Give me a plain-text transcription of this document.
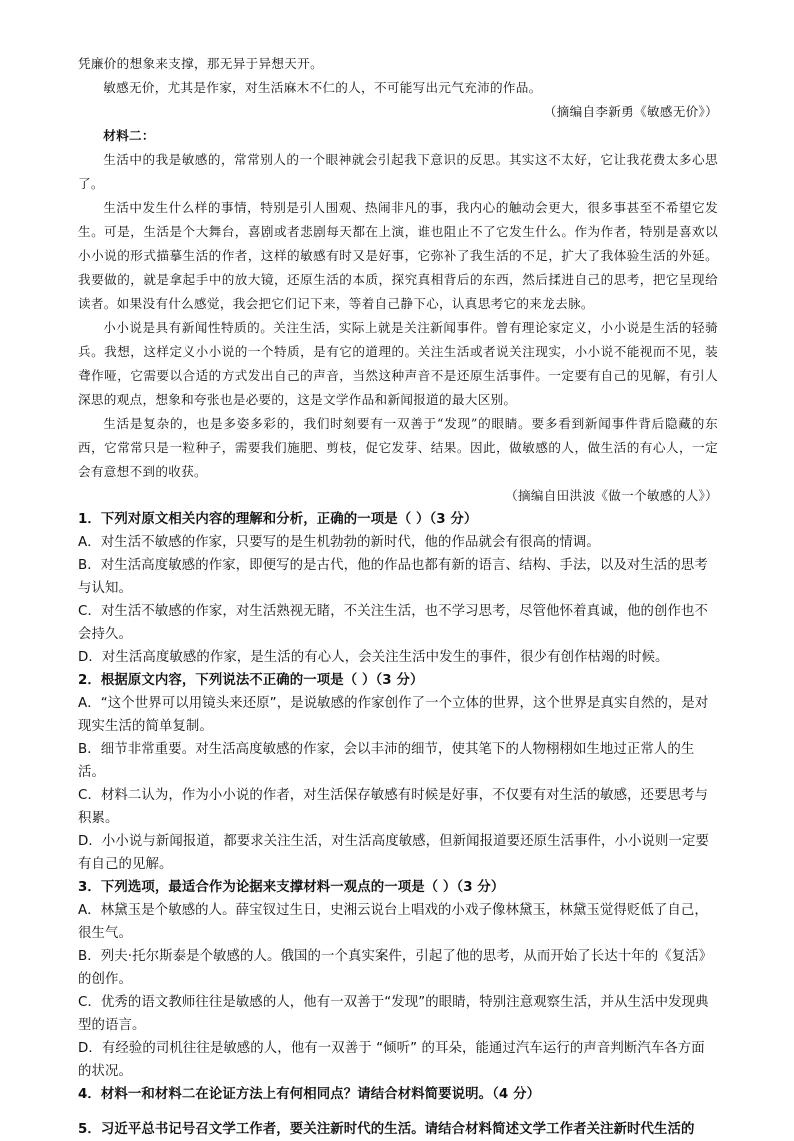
凭廉价的想象来支撑，那无异于异想天开。

敏感无价，尤其是作家，对生活麻木不仁的人，不可能写出元气充沛的作品。

（摘编自李新勇《敏感无价》）

材料二：

生活中的我是敏感的，常常别人的一个眼神就会引起我下意识的反思。其实这不太好，它让我花费太多心思了。

生活中发生什么样的事情，特别是引人围观、热闹非凡的事，我内心的触动会更大，很多事甚至不希望它发生。可是，生活是个大舞台，喜剧或者悲剧每天都在上演，谁也阻止不了它发生什么。作为作者，特别是喜欢以小小说的形式描摹生活的作者，这样的敏感有时又是好事，它弥补了我生活的不足，扩大了我体验生活的外延。我要做的，就是拿起手中的放大镜，还原生活的本质，探究真相背后的东西，然后揉进自己的思考，把它呈现给读者。如果没有什么感觉，我会把它们记下来，等着自己静下心，认真思考它的来龙去脉。

小小说是具有新闻性特质的。关注生活，实际上就是关注新闻事件。曾有理论家定义，小小说是生活的轻骑兵。我想，这样定义小小说的一个特质，是有它的道理的。关注生活或者说关注现实，小小说不能视而不见，装聋作哑，它需要以合适的方式发出自己的声音，当然这种声音不是还原生活事件。一定要有自己的见解，有引人深思的观点，想象和夸张也是必要的，这是文学作品和新闻报道的最大区别。

生活是复杂的，也是多姿多彩的，我们时刻要有一双善于“发现”的眼睛。要多看到新闻事件背后隐藏的东西，它常常只是一粒种子，需要我们施肥、剪枝，促它发芽、结果。因此，做敏感的人，做生活的有心人，一定会有意想不到的收获。

（摘编自田洪波《做一个敏感的人》）

1．下列对原文相关内容的理解和分析，正确的一项是（ ）（3 分）

A．对生活不敏感的作家，只要写的是生机勃勃的新时代，他的作品就会有很高的情调。

B．对生活高度敏感的作家，即便写的是古代，他的作品也都有新的语言、结构、手法，以及对生活的思考与认知。

C．对生活不敏感的作家，对生活熟视无睹，不关注生活，也不学习思考，尽管他怀着真诚，他的创作也不会持久。

D．对生活高度敏感的作家，是生活的有心人，会关注生活中发生的事件，很少有创作枯竭的时候。

2．根据原文内容，下列说法不正确的一项是（ ）（3 分）

A．“这个世界可以用镜头来还原”，是说敏感的作家创作了一个立体的世界，这个世界是真实自然的，是对现实生活的简单复制。

B．细节非常重要。对生活高度敏感的作家，会以丰沛的细节，使其笔下的人物栩栩如生地过正常人的生活。

C．材料二认为，作为小小说的作者，对生活保存敏感有时候是好事，不仅要有对生活的敏感，还要思考与积累。

D．小小说与新闻报道，都要求关注生活，对生活高度敏感，但新闻报道要还原生活事件，小小说则一定要有自己的见解。

3．下列选项，最适合作为论据来支撑材料一观点的一项是（ ）（3 分）

A．林黛玉是个敏感的人。薛宝钗过生日，史湘云说台上唱戏的小戏子像林黛玉，林黛玉觉得贬低了自己，很生气。

B．列夫·托尔斯泰是个敏感的人。俄国的一个真实案件，引起了他的思考，从而开始了长达十年的《复活》的创作。

C．优秀的语文教师往往是敏感的人，他有一双善于“发现”的眼睛，特别注意观察生活，并从生活中发现典型的语言。

D．有经验的司机往往是敏感的人，他有一双善于 “倾听” 的耳朵，能通过汽车运行的声音判断汽车各方面的状况。

4．材料一和材料二在论证方法上有何相同点？请结合材料简要说明。（4 分）

5．习近平总书记号召文学工作者，要关注新时代的生活。请结合材料简述文学工作者关注新时代生活的
